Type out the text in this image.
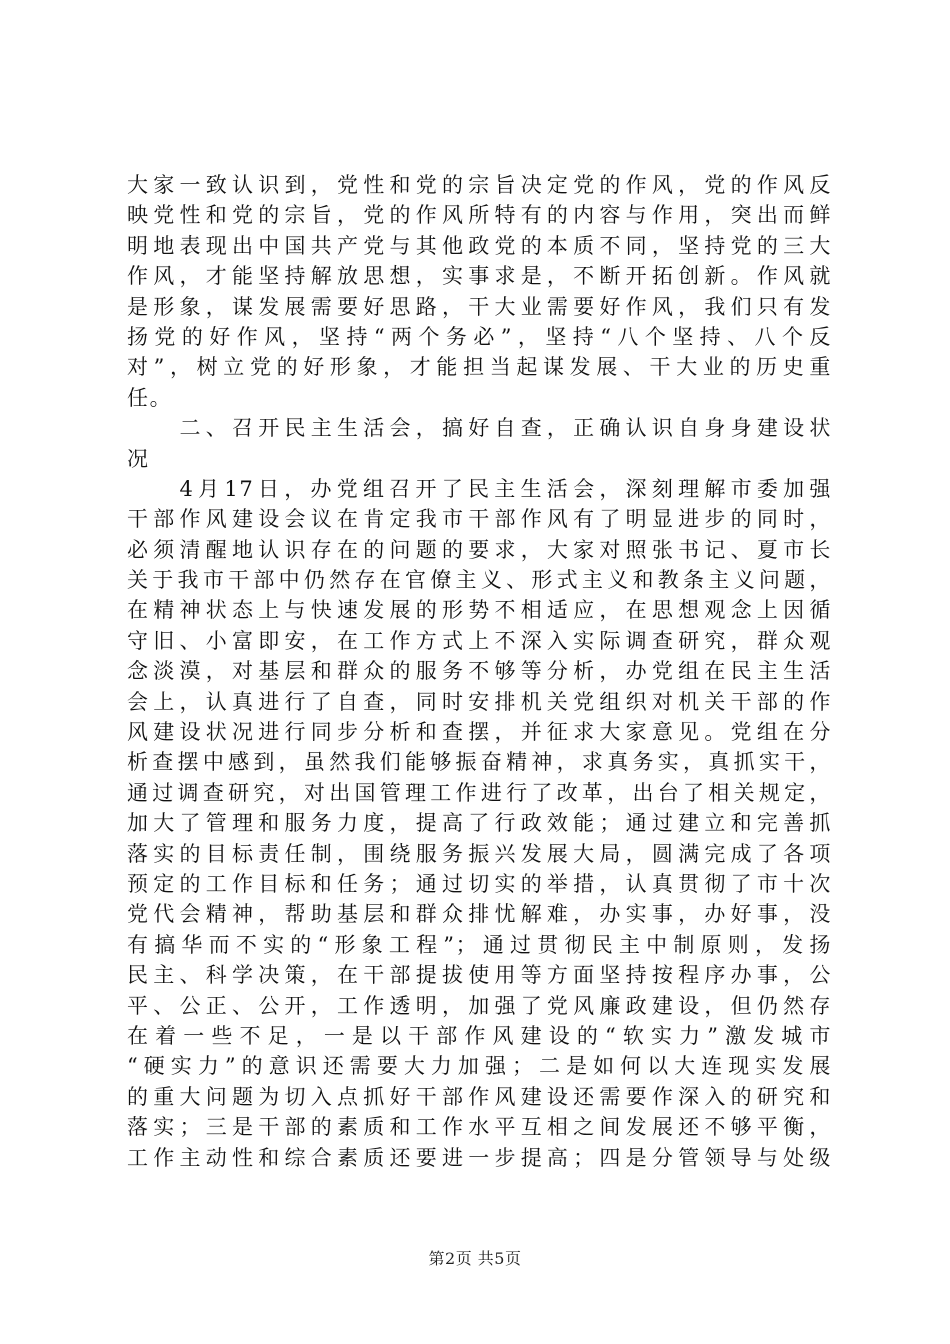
大家一致认识到，党性和党的宗旨决定党的作风，党的作风反
映党性和党的宗旨，党的作风所特有的内容与作用，突出而鲜
明地表现出中国共产党与其他政党的本质不同，坚持党的三大
作风，才能坚持解放思想，实事求是，不断开拓创新。作风就
是形象，谋发展需要好思路，干大业需要好作风，我们只有发
扬党的好作风，坚持“两个务必”，坚持“八个坚持、八个反
对”，树立党的好形象，才能担当起谋发展、干大业的历史重
任。
　　二、召开民主生活会，搞好自查，正确认识自身身建设状
况
　　4月17日，办党组召开了民主生活会，深刻理解市委加强
干部作风建设会议在肯定我市干部作风有了明显进步的同时，
必须清醒地认识存在的问题的要求，大家对照张书记、夏市长
关于我市干部中仍然存在官僚主义、形式主义和教条主义问题，
在精神状态上与快速发展的形势不相适应，在思想观念上因循
守旧、小富即安，在工作方式上不深入实际调查研究，群众观
念淡漠，对基层和群众的服务不够等分析，办党组在民主生活
会上，认真进行了自查，同时安排机关党组织对机关干部的作
风建设状况进行同步分析和查摆，并征求大家意见。党组在分
析查摆中感到，虽然我们能够振奋精神，求真务实，真抓实干，
通过调查研究，对出国管理工作进行了改革，出台了相关规定，
加大了管理和服务力度，提高了行政效能；通过建立和完善抓
落实的目标责任制，围绕服务振兴发展大局，圆满完成了各项
预定的工作目标和任务；通过切实的举措，认真贯彻了市十次
党代会精神，帮助基层和群众排忧解难，办实事，办好事，没
有搞华而不实的“形象工程”；通过贯彻民主中制原则，发扬
民主、科学决策，在干部提拔使用等方面坚持按程序办事，公
平、公正、公开，工作透明，加强了党风廉政建设，但仍然存
在着一些不足，一是以干部作风建设的“软实力”激发城市
“硬实力”的意识还需要大力加强；二是如何以大连现实发展
的重大问题为切入点抓好干部作风建设还需要作深入的研究和
落实；三是干部的素质和工作水平互相之间发展还不够平衡，
工作主动性和综合素质还要进一步提高；四是分管领导与处级
第2页 共5页
